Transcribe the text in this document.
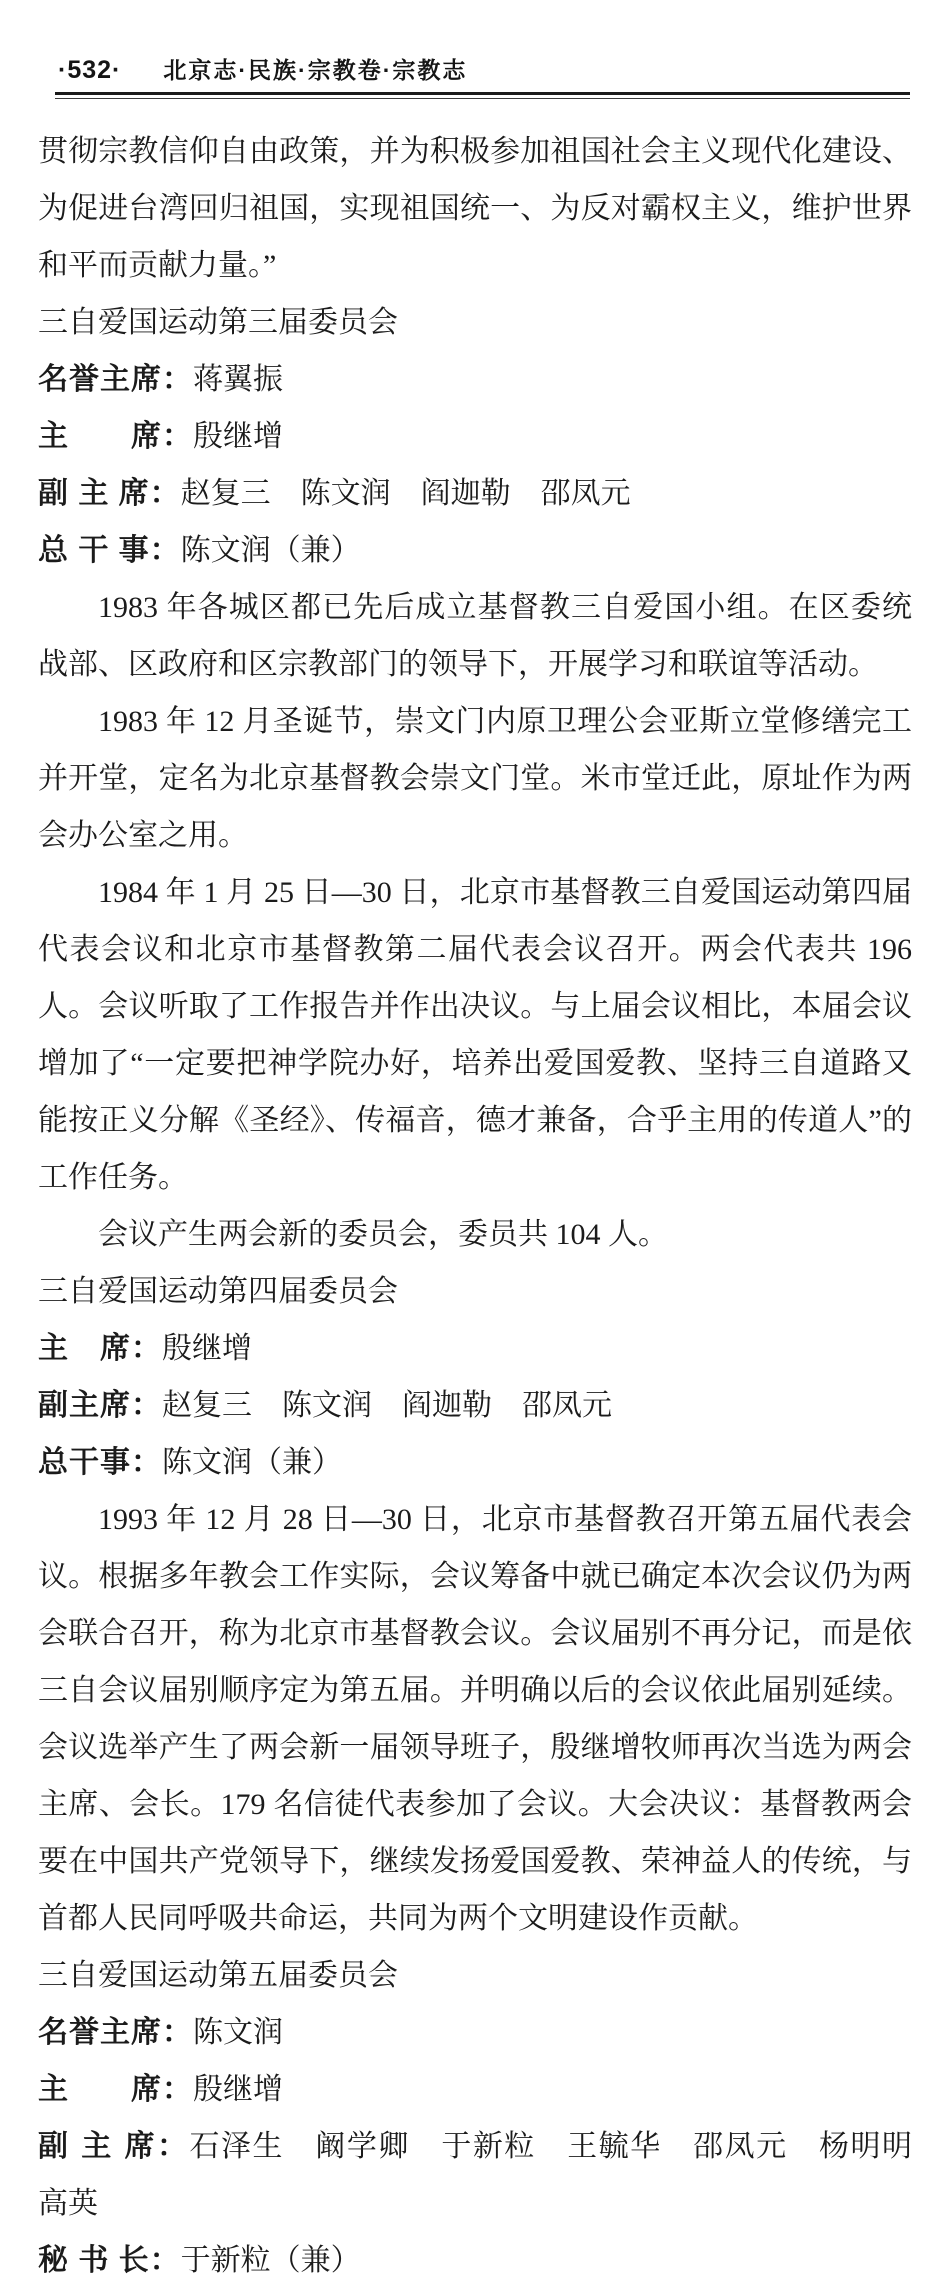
·532· 北京志·民族·宗教卷·宗教志

贯彻宗教信仰自由政策，并为积极参加祖国社会主义现代化建设、为促进台湾回归祖国，实现祖国统一、为反对霸权主义，维护世界和平而贡献力量。”

三自爱国运动第三届委员会

名誉主席：蒋翼振

主　　席：殷继增

副 主 席：赵复三　陈文润　阎迦勒　邵凤元

总 干 事：陈文润（兼）

1983 年各城区都已先后成立基督教三自爱国小组。在区委统战部、区政府和区宗教部门的领导下，开展学习和联谊等活动。

1983 年 12 月圣诞节，崇文门内原卫理公会亚斯立堂修缮完工并开堂，定名为北京基督教会崇文门堂。米市堂迁此，原址作为两会办公室之用。

1984 年 1 月 25 日—30 日，北京市基督教三自爱国运动第四届代表会议和北京市基督教第二届代表会议召开。两会代表共 196 人。会议听取了工作报告并作出决议。与上届会议相比，本届会议增加了“一定要把神学院办好，培养出爱国爱教、坚持三自道路又能按正义分解《圣经》、传福音，德才兼备，合乎主用的传道人”的工作任务。

会议产生两会新的委员会，委员共 104 人。

三自爱国运动第四届委员会

主　席：殷继增

副主席：赵复三　陈文润　阎迦勒　邵凤元

总干事：陈文润（兼）

1993 年 12 月 28 日—30 日，北京市基督教召开第五届代表会议。根据多年教会工作实际，会议筹备中就已确定本次会议仍为两会联合召开，称为北京市基督教会议。会议届别不再分记，而是依三自会议届别顺序定为第五届。并明确以后的会议依此届别延续。会议选举产生了两会新一届领导班子，殷继增牧师再次当选为两会主席、会长。179 名信徒代表参加了会议。大会决议：基督教两会要在中国共产党领导下，继续发扬爱国爱教、荣神益人的传统，与首都人民同呼吸共命运，共同为两个文明建设作贡献。

三自爱国运动第五届委员会

名誉主席：陈文润

主　　席：殷继增

副 主 席：石泽生　阚学卿　于新粒　王毓华　邵凤元　杨明明　高英

秘 书 长：于新粒（兼）
